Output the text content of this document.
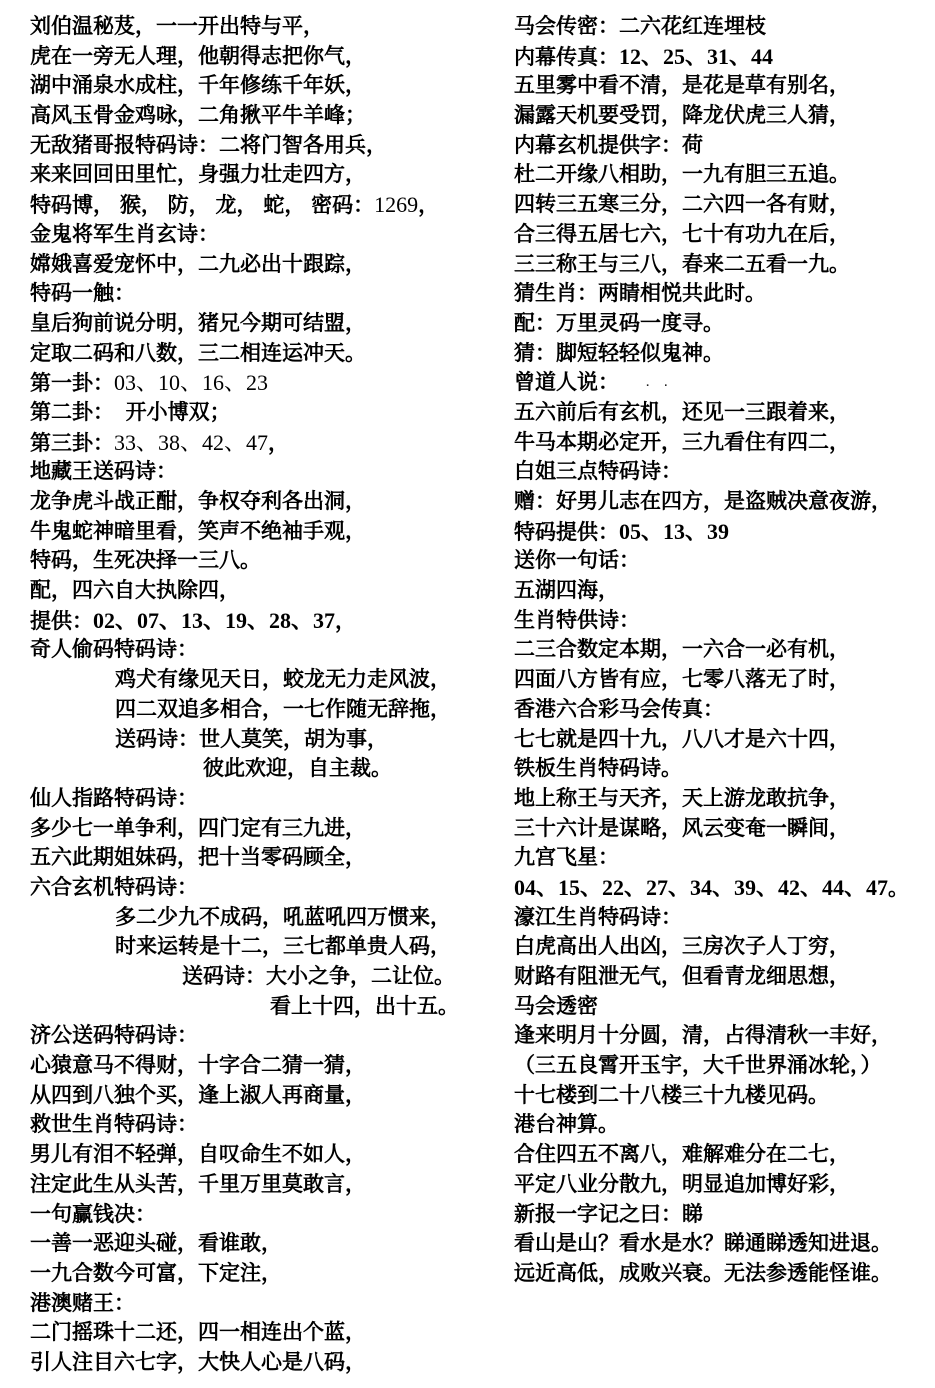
刘伯温秘芨，一一开出特与平，
虎在一旁无人理，他朝得志把你气，
湖中涌泉水成柱，千年修练千年妖，
高风玉骨金鸡咏，二角揪平牛羊峰；
无敌猪哥报特码诗：二将门智各用兵，
来来回回田里忙，身强力壮走四方，
特码博， 猴， 防， 龙， 蛇， 密码：1269，
金鬼将军生肖玄诗：
嫦娥喜爱宠怀中，二九必出十跟踪，
特码一触：
皇后狗前说分明，猪兄今期可结盟，
定取二码和八数，三二相连运冲天。
第一卦：03、10、16、23
第二卦：  开小博双；
第三卦：33、38、42、47，
地藏王送码诗：
龙争虎斗战正酣，争权夺利各出洞，
牛鬼蛇神暗里看，笑声不绝袖手观，
特码，生死决择一三八。
配，四六自大执除四，
提供：02、07、13、19、28、37，
奇人偷码特码诗：
鸡犬有缘见天日，蛟龙无力走风波，
四二双追多相合，一七作随无辞拖，
送码诗：世人莫笑，胡为事，
彼此欢迎，自主裁。
仙人指路特码诗：
多少七一单争利，四门定有三九进，
五六此期姐妹码，把十当零码顾全，
六合玄机特码诗：
多二少九不成码，吼蓝吼四万惯来，
时来运转是十二，三七都单贵人码，
送码诗：大小之争，二让位。
看上十四，出十五。
济公送码特码诗：
心猿意马不得财，十字合二猜一猜，
从四到八独个买，逢上淑人再商量，
救世生肖特码诗：
男儿有泪不轻弹，自叹命生不如人，
注定此生从头苦，千里万里莫敢言，
一句赢钱决：
一善一恶迎头碰，看谁敢，
一九合数今可富，下定注，
港澳赌王：
二门摇珠十二还，四一相连出个蓝，
引人注目六七字，大快人心是八码，
马会传密：二六花红连埋枝
内幕传真：12、25、31、44
五里雾中看不清，是花是草有别名，
漏露天机要受罚，降龙伏虎三人猜，
内幕玄机提供字：荷
杜二开缘八相助，一九有胆三五追。
四转三五寒三分，二六四一各有财，
合三得五居七六，七十有功九在后，
三三称王与三八，春来二五看一九。
猜生肖：两睛相悦共此时。
配：万里灵码一度寻。
猜：脚短轻轻似鬼神。
曾道人说：   . .
五六前后有玄机，还见一三跟着来，
牛马本期必定开，三九看住有四二，
白姐三点特码诗：
赠：好男儿志在四方，是盗贼决意夜游，
特码提供：05、13、39
送你一句话：
五湖四海，
生肖特供诗：
二三合数定本期，一六合一必有机，
四面八方皆有应，七零八落无了时，
香港六合彩马会传真：
七七就是四十九，八八才是六十四，
铁板生肖特码诗。
地上称王与天齐，天上游龙敢抗争，
三十六计是谋略，风云变奄一瞬间，
九宫飞星：
04、15、22、27、34、39、42、44、47。
濠江生肖特码诗：
白虎高出人出凶，三房次子人丁穷，
财路有阻泄无气，但看青龙细思想，
马会透密
逢来明月十分圆，清，占得清秋一丰好，
（三五良霄开玉宇，大千世界涌冰轮，）
十七楼到二十八楼三十九楼见码。
港台神算。
合住四五不离八，难解难分在二七，
平定八业分散九，明显追加博好彩，
新报一字记之曰：睇
看山是山？看水是水？睇通睇透知进退。
远近高低，成败兴衰。无法参透能怪谁。
